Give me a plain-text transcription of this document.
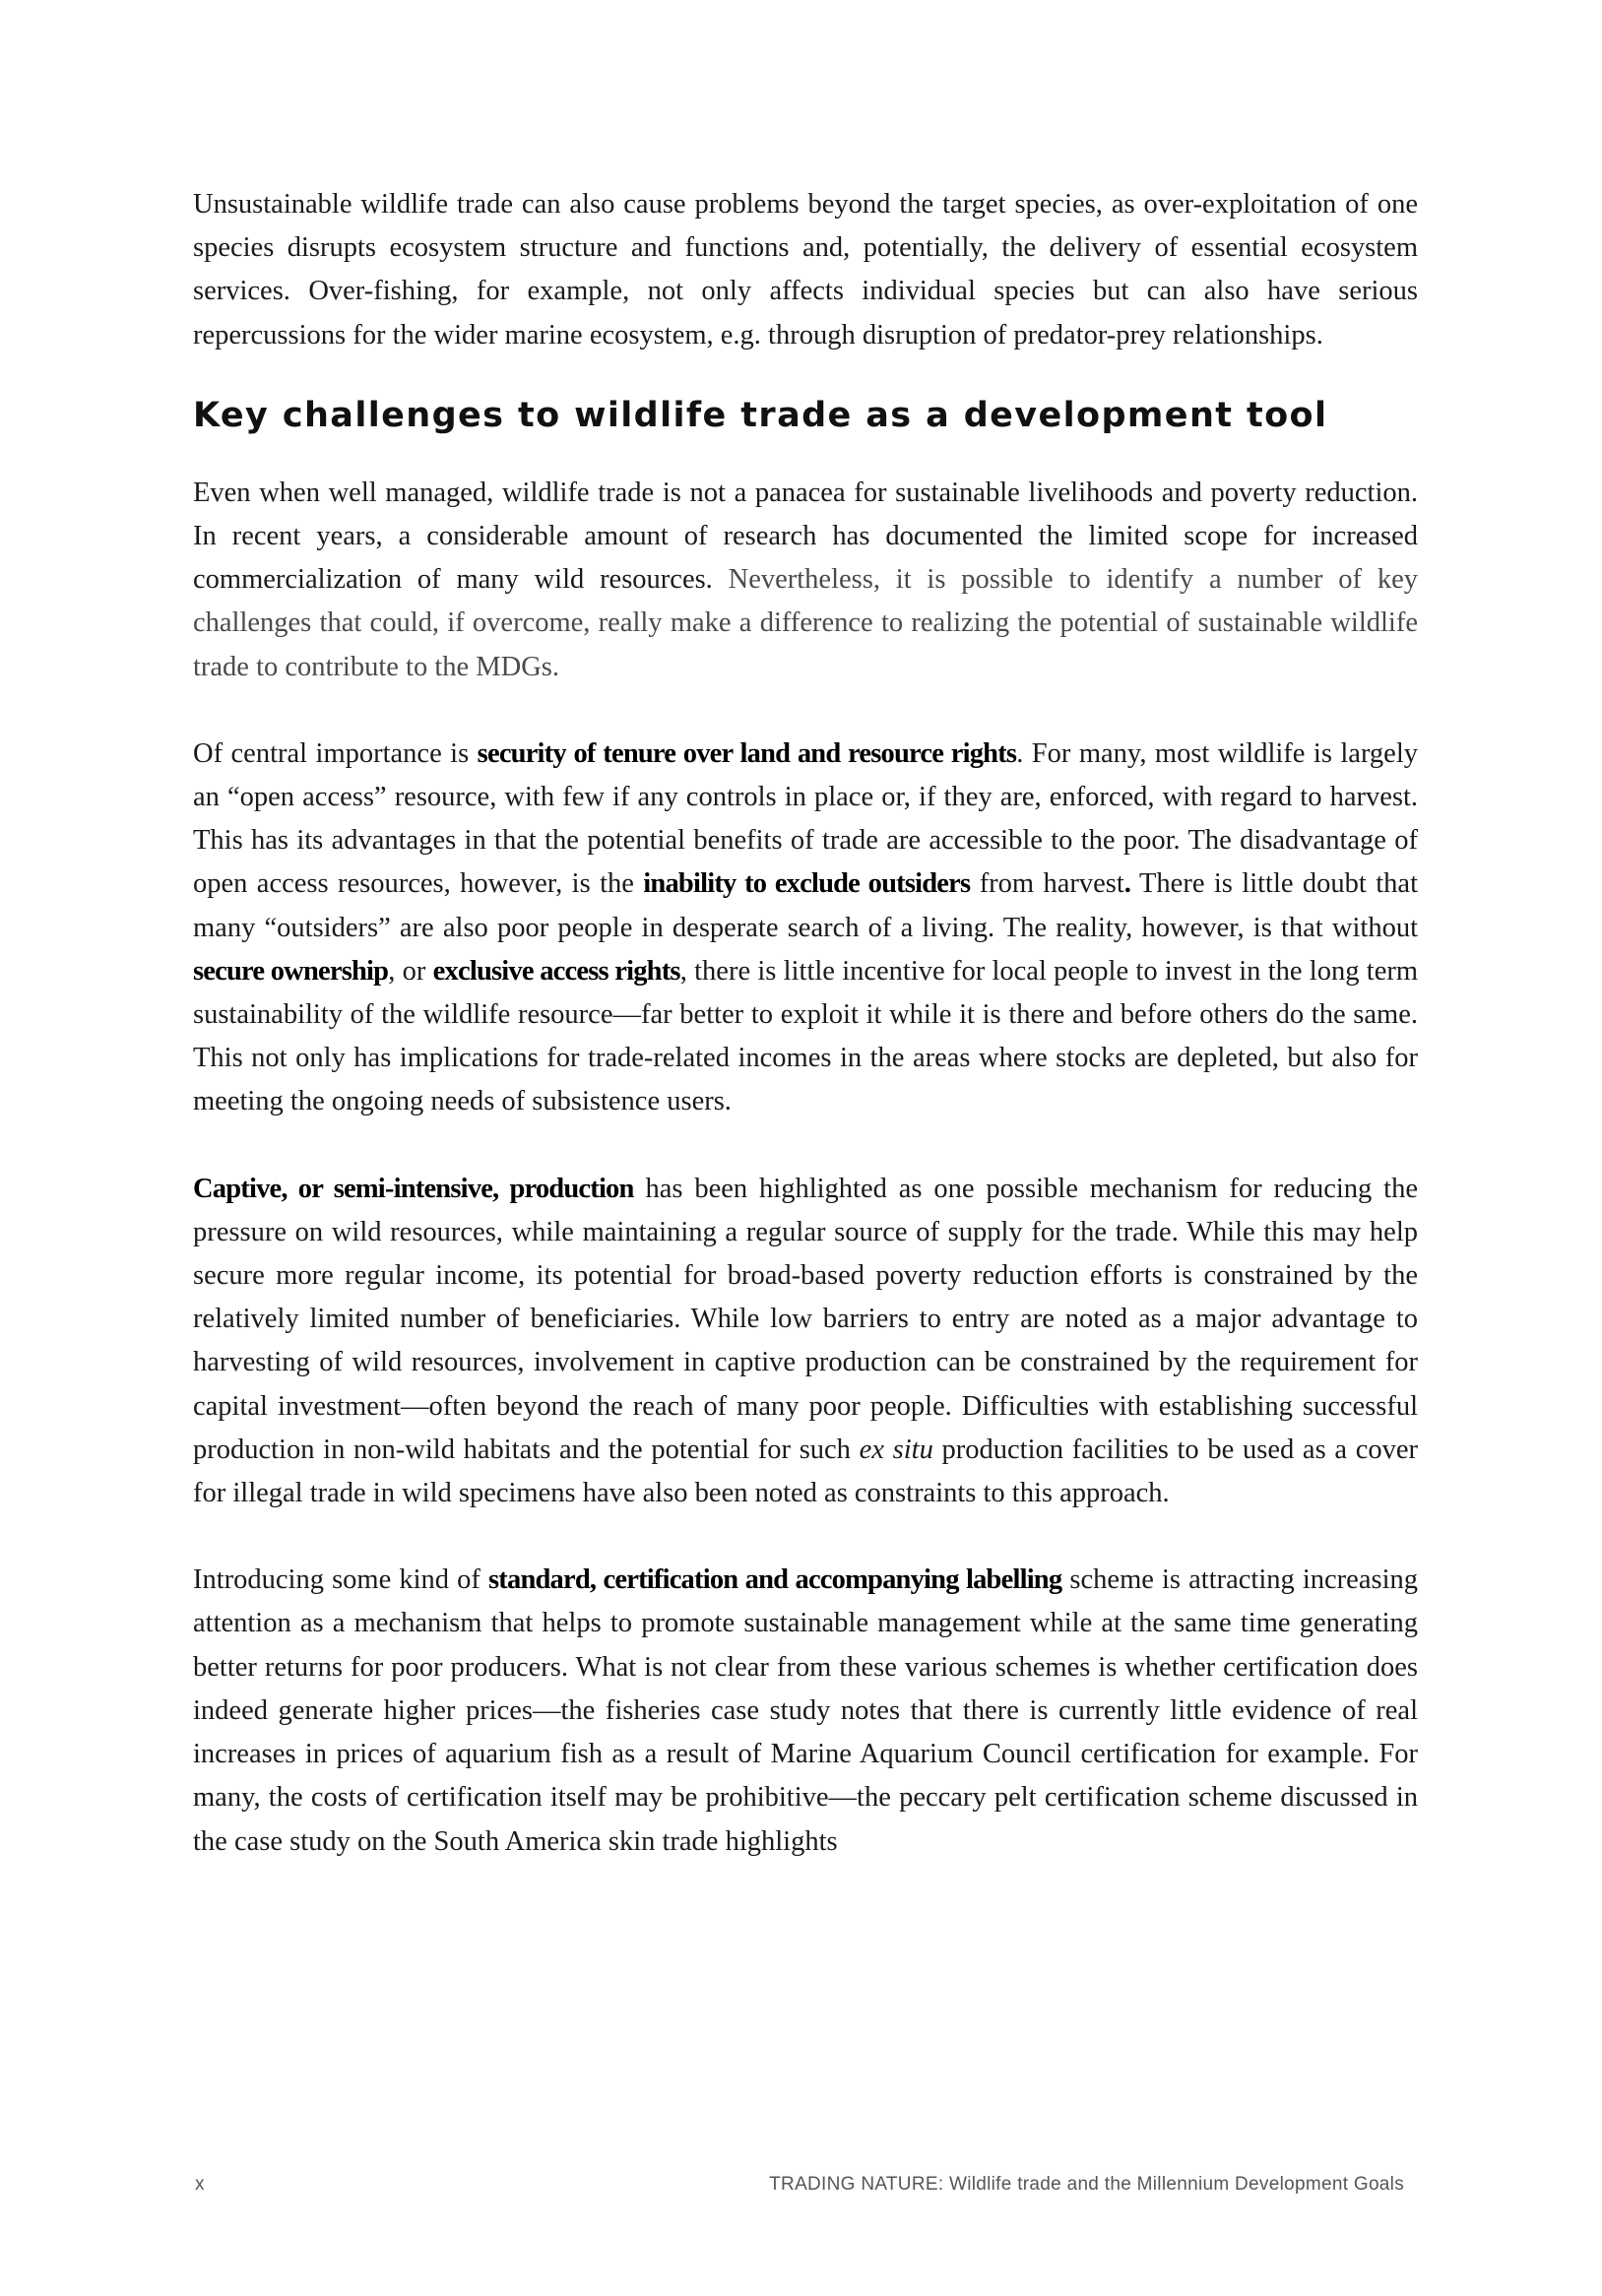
Unsustainable wildlife trade can also cause problems beyond the target species, as over-exploitation of one species disrupts ecosystem structure and functions and, potentially, the delivery of essential ecosystem services. Over-fishing, for example, not only affects individual species but can also have serious repercussions for the wider marine ecosystem, e.g. through disruption of predator-prey relationships.

Key challenges to wildlife trade as a development tool

Even when well managed, wildlife trade is not a panacea for sustainable livelihoods and poverty reduction. In recent years, a considerable amount of research has documented the limited scope for increased commercialization of many wild resources. Nevertheless, it is possible to identify a number of key challenges that could, if overcome, really make a difference to realizing the potential of sustainable wildlife trade to contribute to the MDGs.

Of central importance is security of tenure over land and resource rights. For many, most wildlife is largely an “open access” resource, with few if any controls in place or, if they are, enforced, with regard to harvest. This has its advantages in that the potential benefits of trade are accessible to the poor. The disadvantage of open access resources, however, is the inability to exclude outsiders from harvest. There is little doubt that many “outsiders” are also poor people in desperate search of a living. The reality, however, is that without secure ownership, or exclusive access rights, there is little incentive for local people to invest in the long term sustainability of the wildlife resource—far better to exploit it while it is there and before others do the same. This not only has implications for trade-related incomes in the areas where stocks are depleted, but also for meeting the ongoing needs of subsistence users.

Captive, or semi-intensive, production has been highlighted as one possible mechanism for reducing the pressure on wild resources, while maintaining a regular source of supply for the trade. While this may help secure more regular income, its potential for broad-based poverty reduction efforts is constrained by the relatively limited number of beneficiaries. While low barriers to entry are noted as a major advantage to harvesting of wild resources, involvement in captive production can be constrained by the requirement for capital investment—often beyond the reach of many poor people. Difficulties with establishing successful production in non-wild habitats and the potential for such ex situ production facilities to be used as a cover for illegal trade in wild specimens have also been noted as constraints to this approach.

Introducing some kind of standard, certification and accompanying labelling scheme is attracting increasing attention as a mechanism that helps to promote sustainable management while at the same time generating better returns for poor producers. What is not clear from these various schemes is whether certification does indeed generate higher prices—the fisheries case study notes that there is currently little evidence of real increases in prices of aquarium fish as a result of Marine Aquarium Council certification for example. For many, the costs of certification itself may be prohibitive—the peccary pelt certification scheme discussed in the case study on the South America skin trade highlights

x	TRADING NATURE: Wildlife trade and the Millennium Development Goals
